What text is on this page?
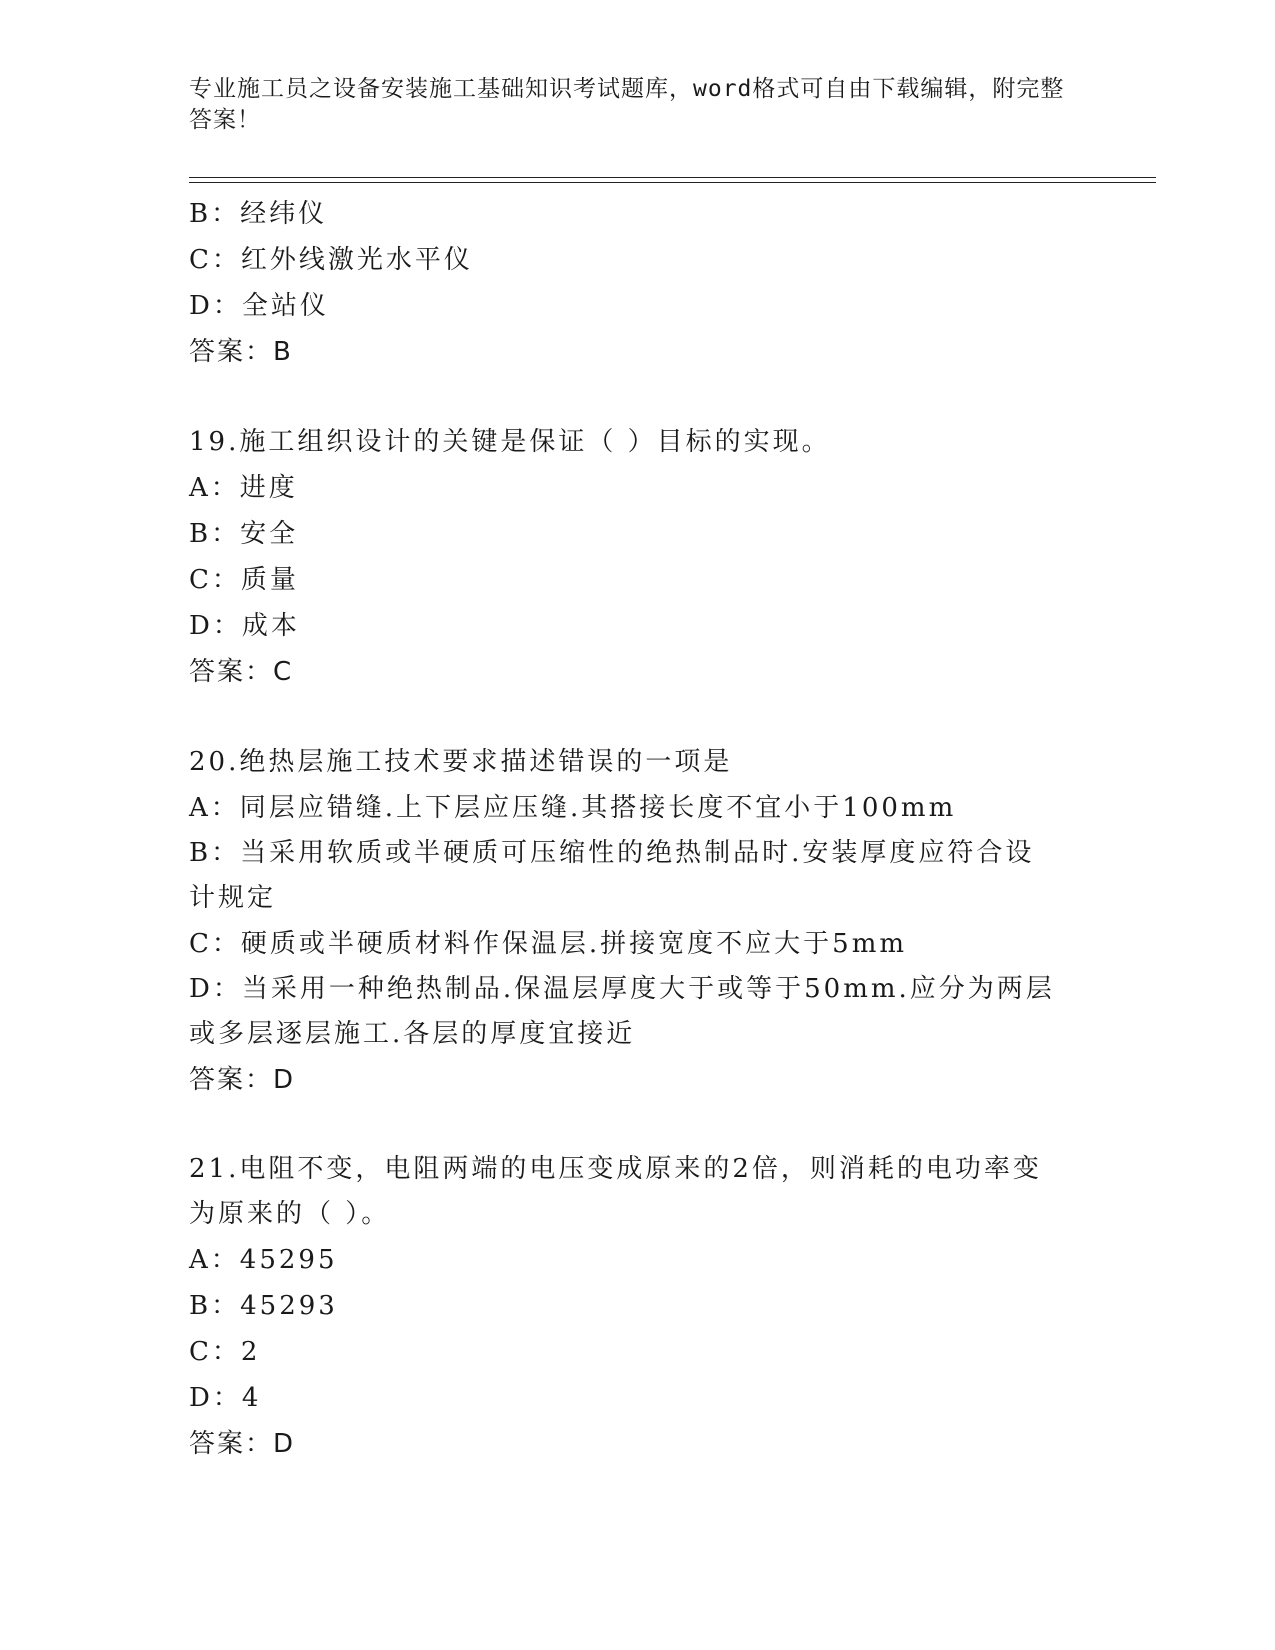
专业施工员之设备安装施工基础知识考试题库，word格式可自由下载编辑，附完整答案！

B：经纬仪

C：红外线激光水平仪

D：全站仪

答案：B

19.施工组织设计的关键是保证（ ）目标的实现。

A：进度

B：安全

C：质量

D：成本

答案：C

20.绝热层施工技术要求描述错误的一项是

A：同层应错缝.上下层应压缝.其搭接长度不宜小于100mm

B：当采用软质或半硬质可压缩性的绝热制品时.安装厚度应符合设计规定

C：硬质或半硬质材料作保温层.拼接宽度不应大于5mm

D：当采用一种绝热制品.保温层厚度大于或等于50mm.应分为两层或多层逐层施工.各层的厚度宜接近

答案：D

21.电阻不变，电阻两端的电压变成原来的2倍，则消耗的电功率变为原来的（ ）。

A：45295

B：45293

C：2

D：4

答案：D
